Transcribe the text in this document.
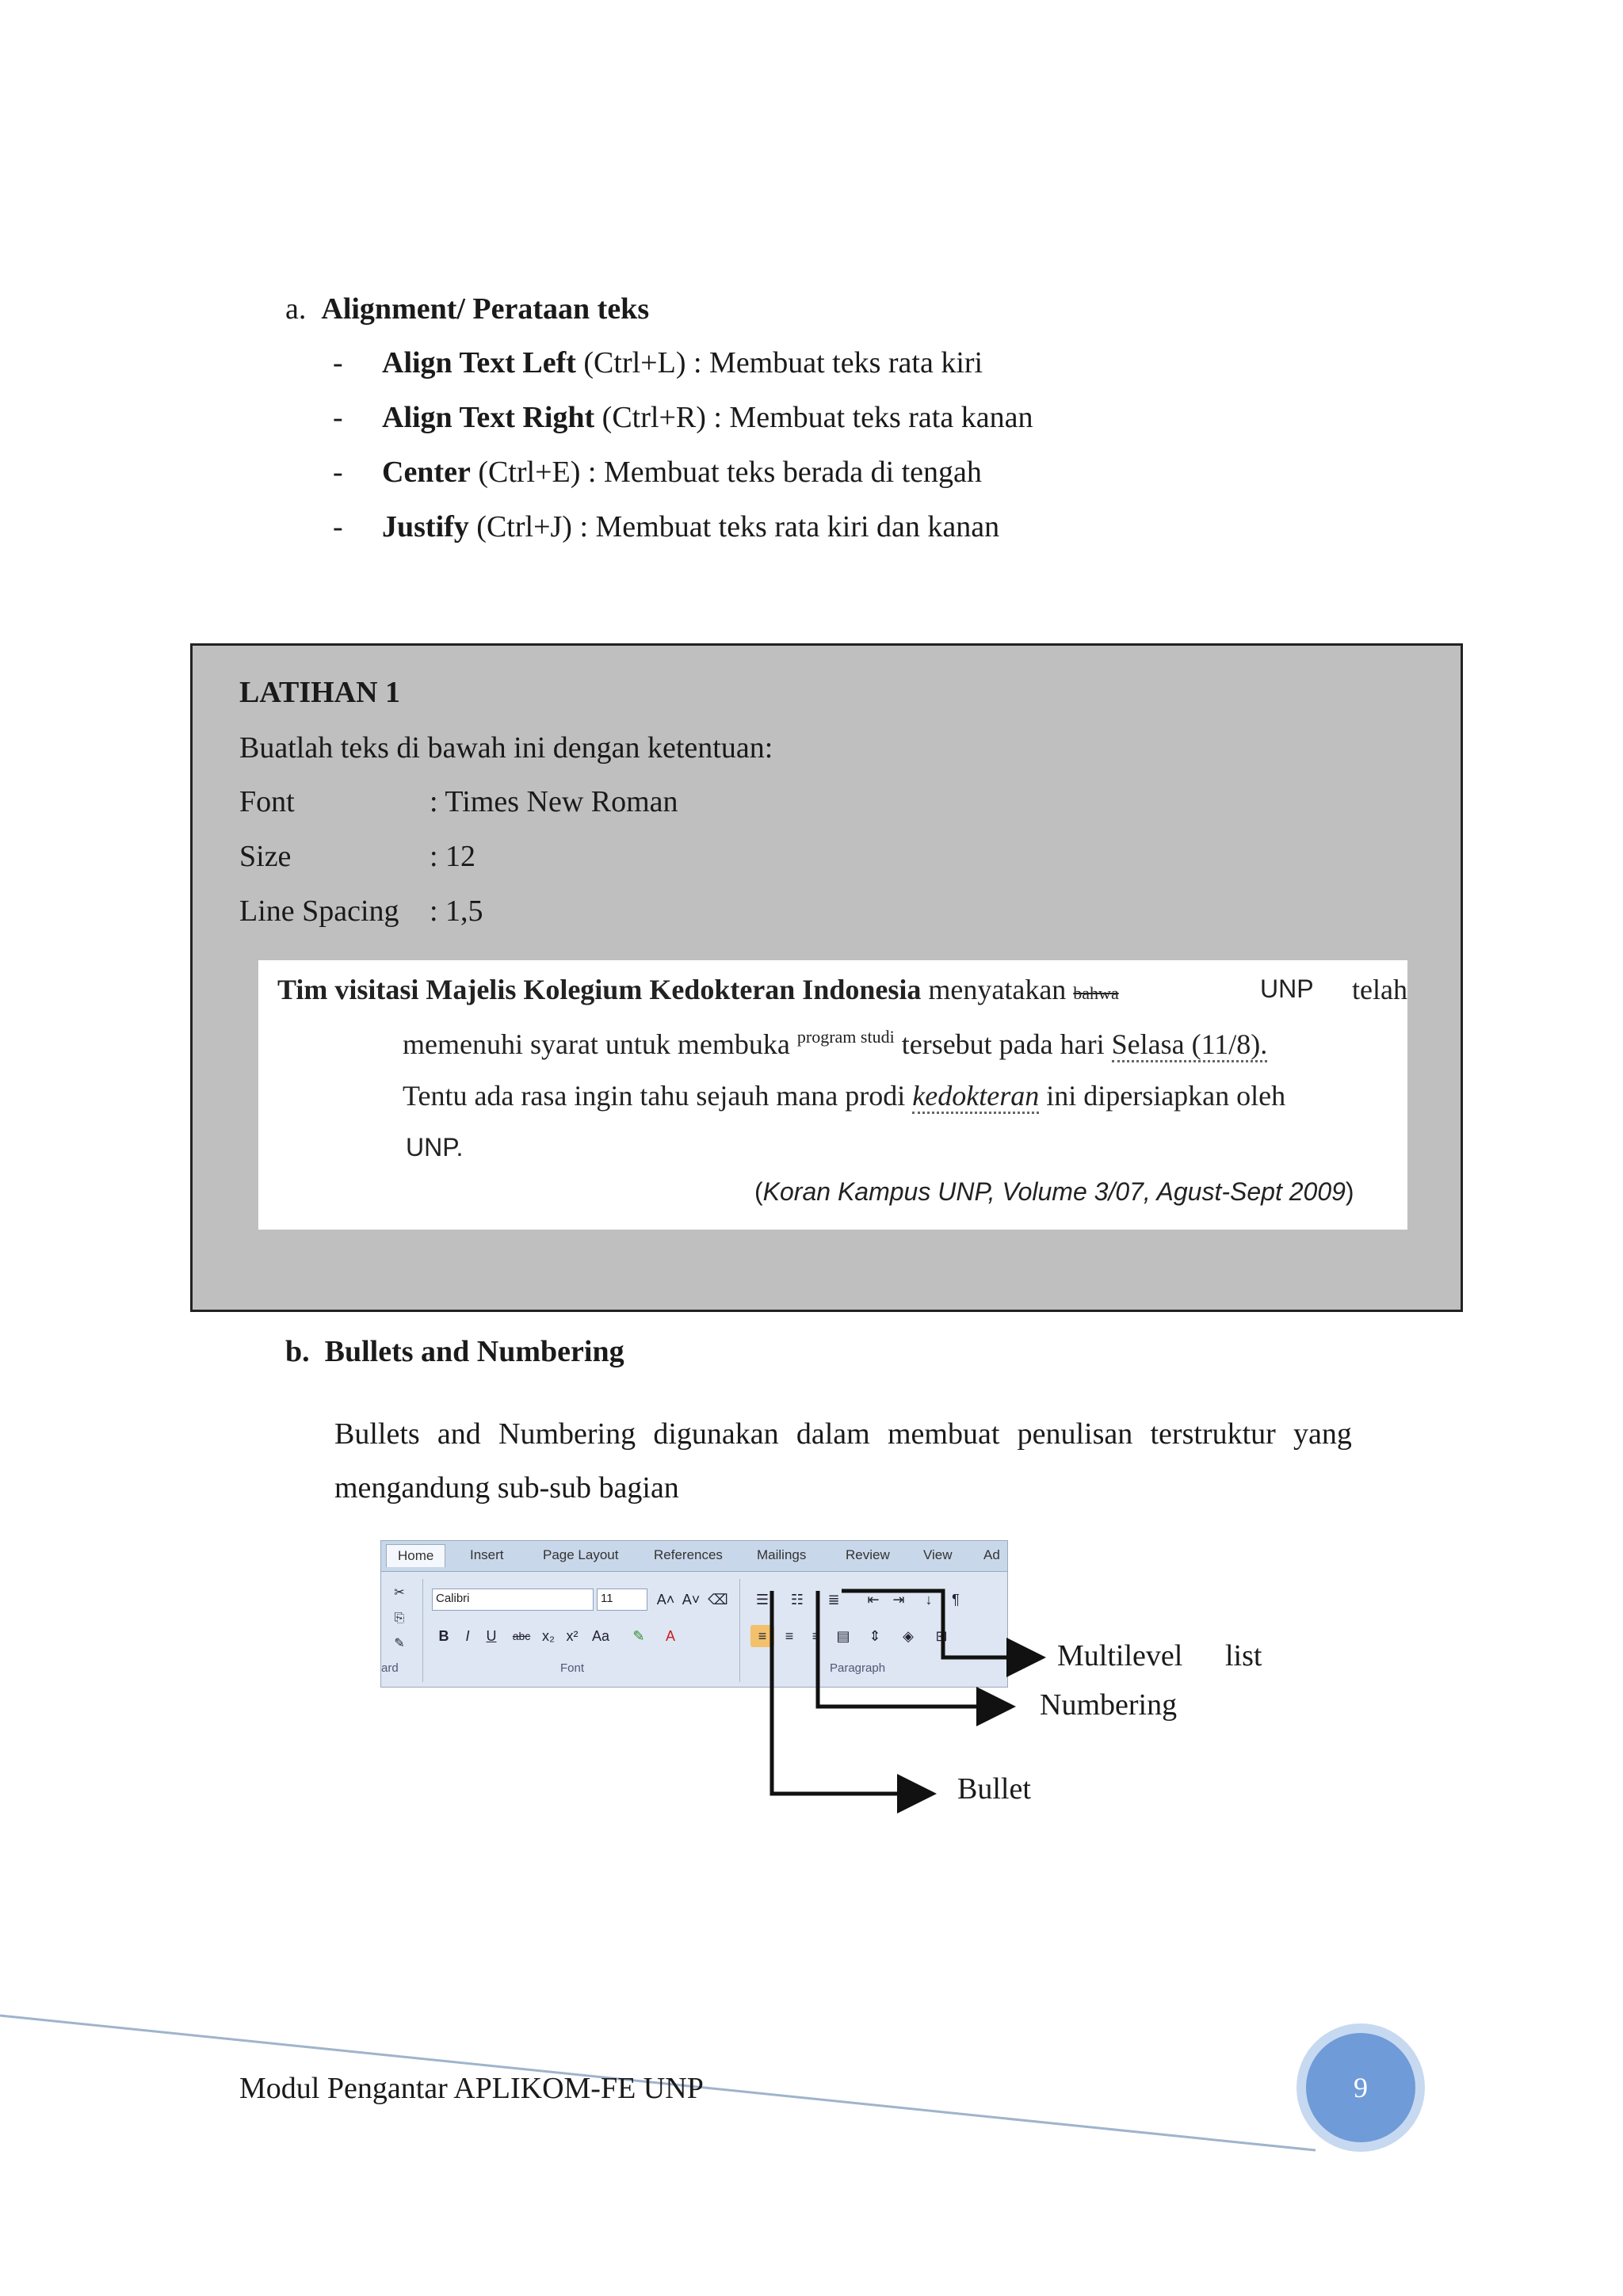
a. Alignment/ Perataan teks
- Align Text Left (Ctrl+L) : Membuat teks rata kiri
- Align Text Right (Ctrl+R) : Membuat teks rata kanan
- Center (Ctrl+E) : Membuat teks berada di tengah
- Justify (Ctrl+J) : Membuat teks rata kiri dan kanan
LATIHAN 1
Buatlah teks di bawah ini dengan ketentuan:
Font	: Times New Roman
Size	: 12
Line Spacing : 1,5
Tim visitasi Majelis Kolegium Kedokteran Indonesia menyatakan bahwa	UNP telah
memenuhi syarat untuk membuka $^{program studi}$ tersebut pada hari Selasa (11/8).
Tentu ada rasa ingin tahu sejauh mana prodi kedokteran ini dipersiapkan oleh
UNP.
(Koran Kampus UNP, Volume 3/07, Agust-Sept 2009)
b. Bullets and Numbering
Bullets and Numbering digunakan dalam membuat penulisan terstruktur yang
mengandung sub-sub bagian
Home	Insert	Page Layout	References	Mailings	Review View Ad
✂
⎘
✎
ard
Calibri	11	A˄ A˅ ⌫
B	I	U	abc x₂ x² Aa	✎	A
Font
☰	☷	≣	⇤ ⇥	↓	¶
≡	≡	≡	▤	⇕	◈	⊞
Paragraph	Multilevel list
Numbering
Bullet
Modul Pengantar APLIKOM-FE UNP	9
